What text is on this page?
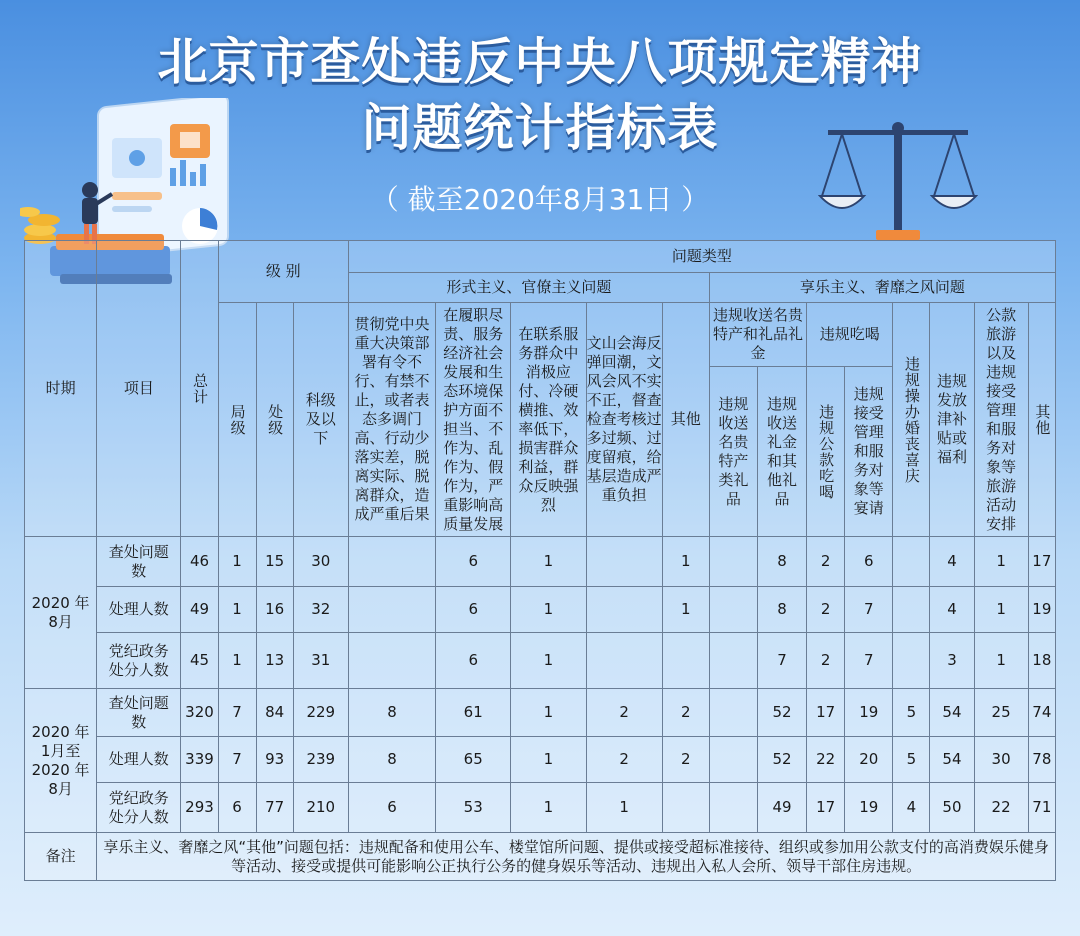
北京市查处违反中央八项规定精神
问题统计指标表
（ 截至2020年8月31日 ）
时期	项目	总计	级 别			问题类型												
						形式主义、官僚主义问题					享乐主义、奢靡之风问题							
			局级	处级	科级及以下	贯彻党中央重大决策部署有令不行、有禁不止，或者表态多调门高、行动少落实差，脱离实际、脱离群众，造成严重后果	在履职尽责、服务经济社会发展和生态环境保护方面不担当、不作为、乱作为、假作为，严重影响高质量发展	在联系服务群众中消极应付、冷硬横推、效率低下，损害群众利益，群众反映强烈	文山会海反弹回潮，文风会风不实不正，督查检查考核过多过频、过度留痕，给基层造成严重负担	其他	违规收送名贵特产和礼品礼金		违规吃喝		违规操办婚丧喜庆	违规发放津补贴或福利	公款旅游以及违规接受管理和服务对象等旅游活动安排	其他
											违规收送名贵特产类礼品	违规收送礼金和其他礼品	违规公款吃喝	违规接受管理和服务对象等宴请				
2020 年 8月	查处问题数	46	1	15	30		6	1		1		8	2	6		4	1	17
	处理人数	49	1	16	32		6	1		1		8	2	7		4	1	19
	党纪政务处分人数	45	1	13	31		6	1				7	2	7		3	1	18
2020 年 1月至 2020 年 8月	查处问题数	320	7	84	229	8	61	1	2	2		52	17	19	5	54	25	74
	处理人数	339	7	93	239	8	65	1	2	2		52	22	20	5	54	30	78
	党纪政务处分人数	293	6	77	210	6	53	1	1			49	17	19	4	50	22	71
备注	享乐主义、奢靡之风“其他”问题包括：违规配备和使用公车、楼堂馆所问题、提供或接受超标准接待、组织或参加用公款支付的高消费娱乐健身等活动、接受或提供可能影响公正执行公务的健身娱乐等活动、违规出入私人会所、领导干部住房违规。																	
